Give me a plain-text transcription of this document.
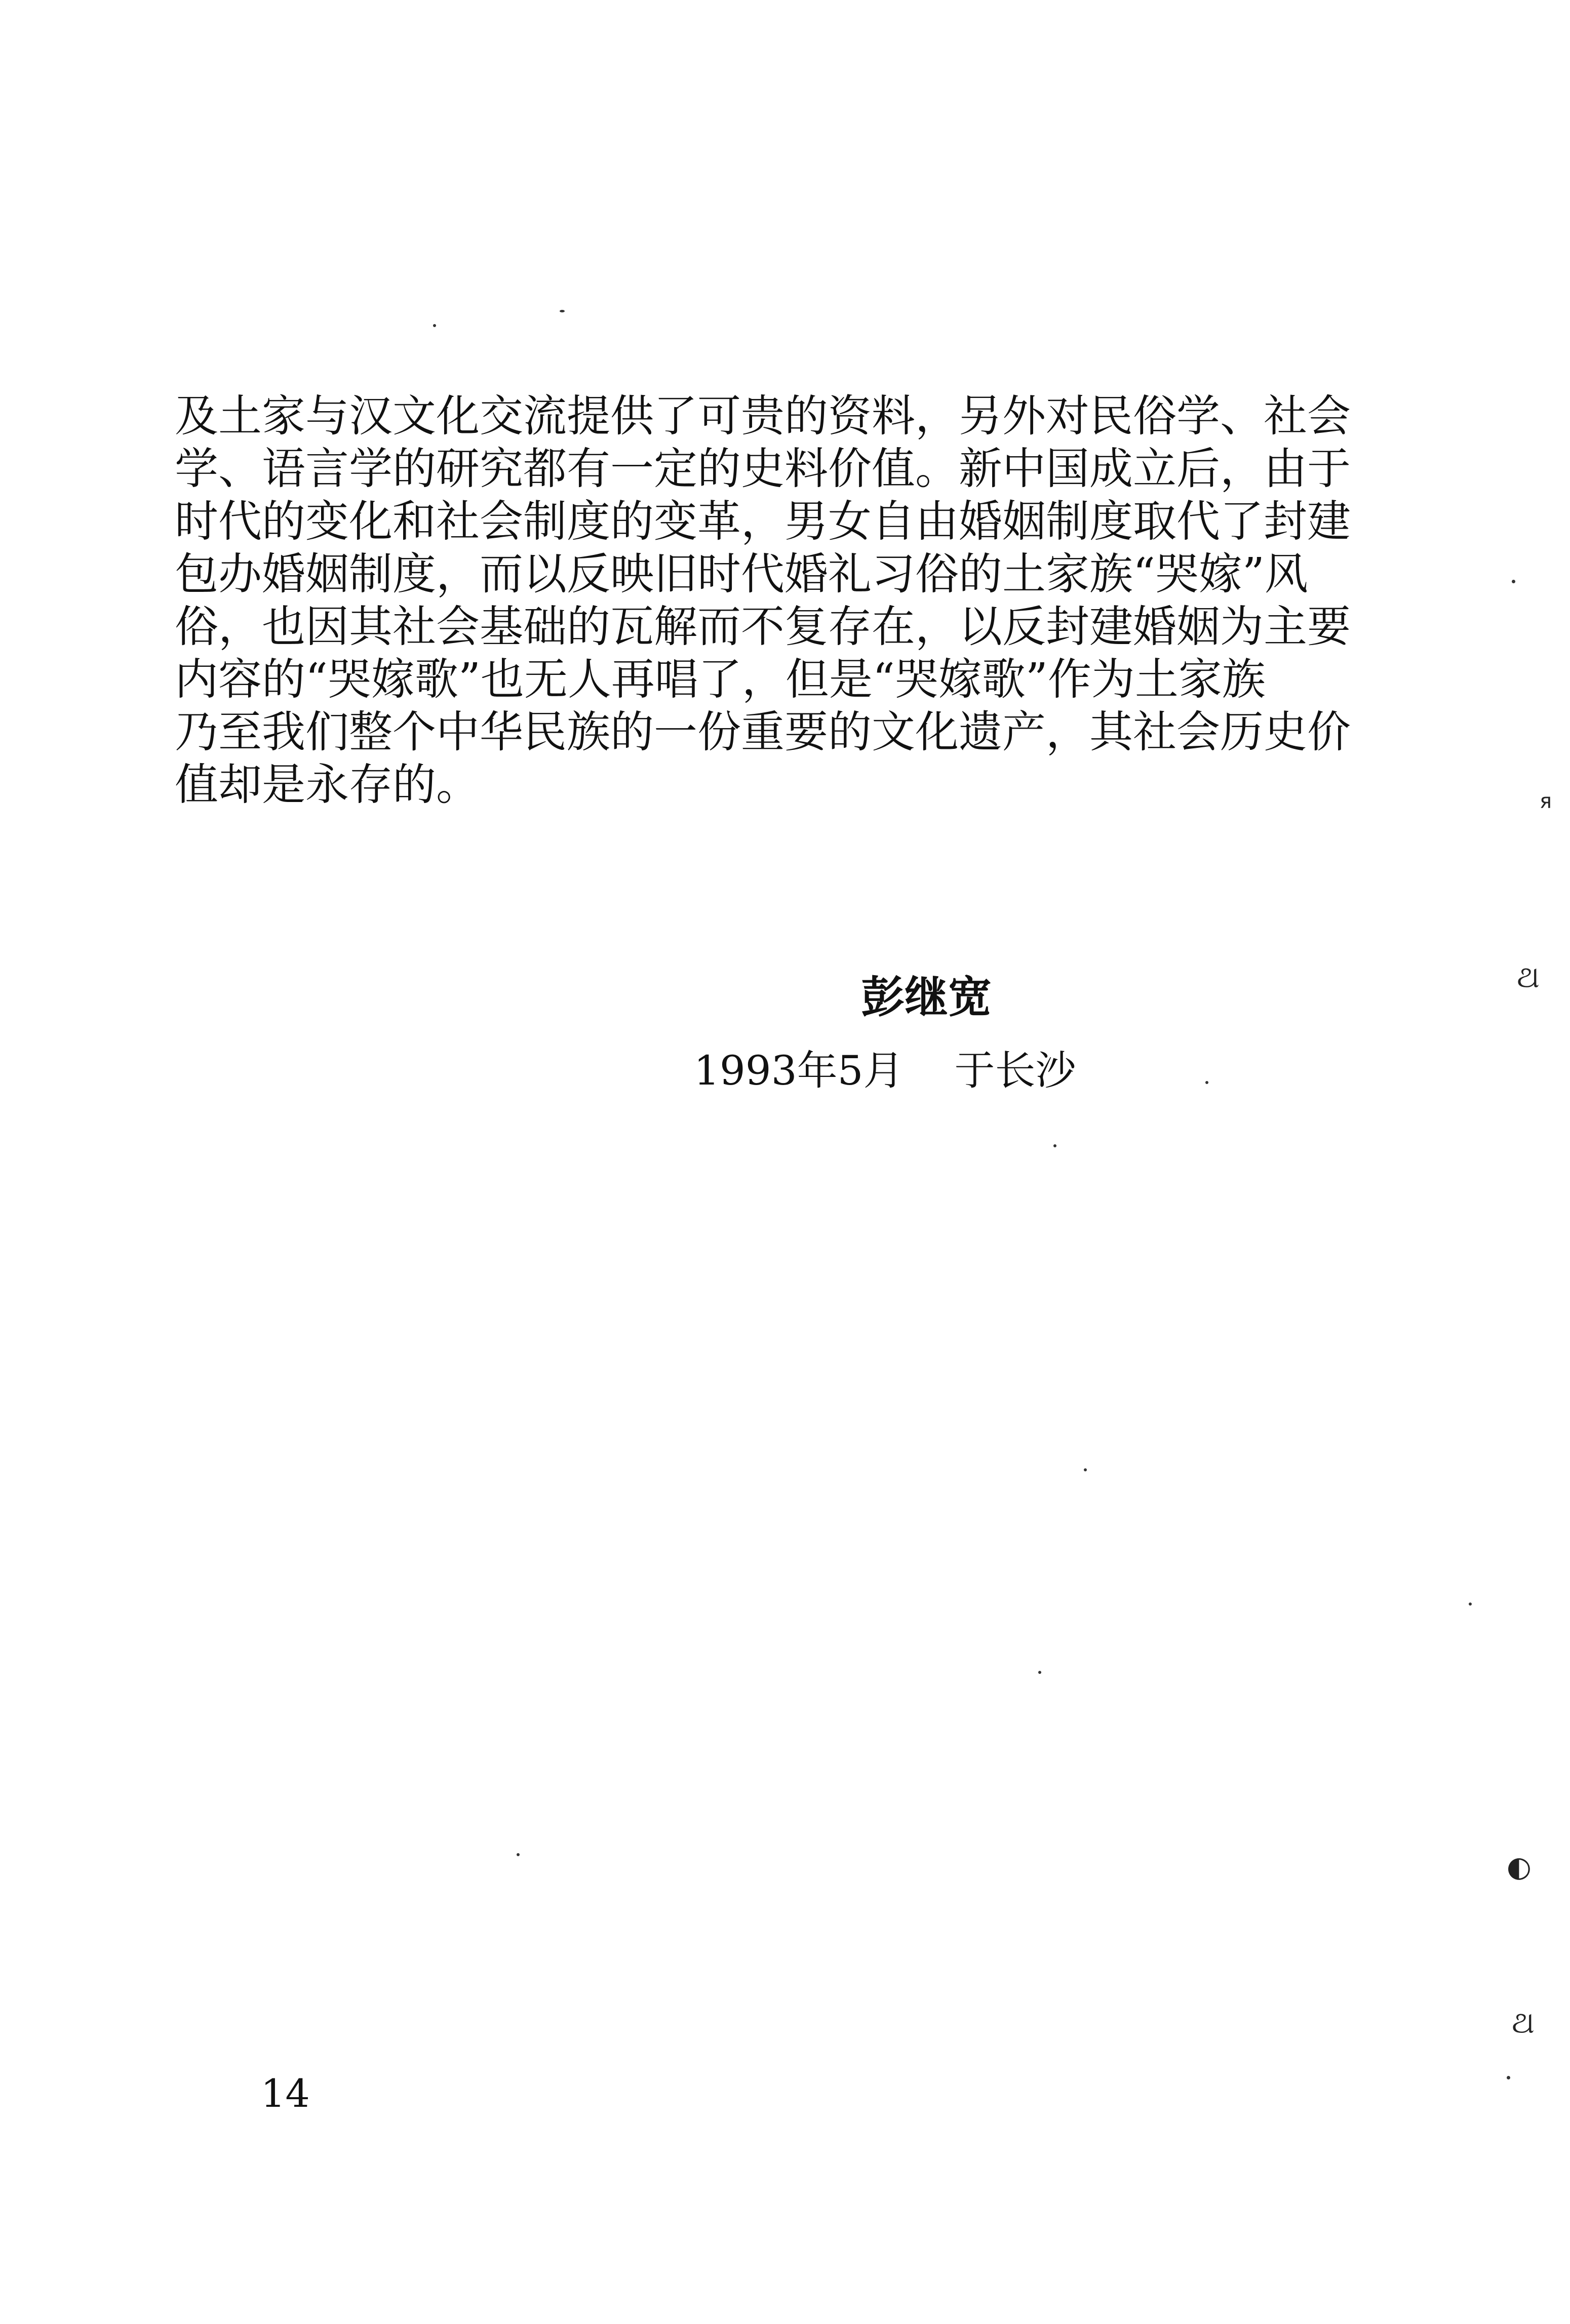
及土家与汉文化交流提供了可贵的资料，另外对民俗学、社会
学、语言学的研究都有一定的史料价值。新中国成立后，由于
时代的变化和社会制度的变革，男女自由婚姻制度取代了封建
包办婚姻制度，而以反映旧时代婚礼习俗的土家族“哭嫁”风
俗，也因其社会基础的瓦解而不复存在，以反封建婚姻为主要
内容的“哭嫁歌”也无人再唱了，但是“哭嫁歌”作为土家族
乃至我们整个中华民族的一份重要的文化遗产，其社会历史价
值却是永存的。
彭继宽
1993年5月 于长沙
14
я
ଥ
◐
ଥ
